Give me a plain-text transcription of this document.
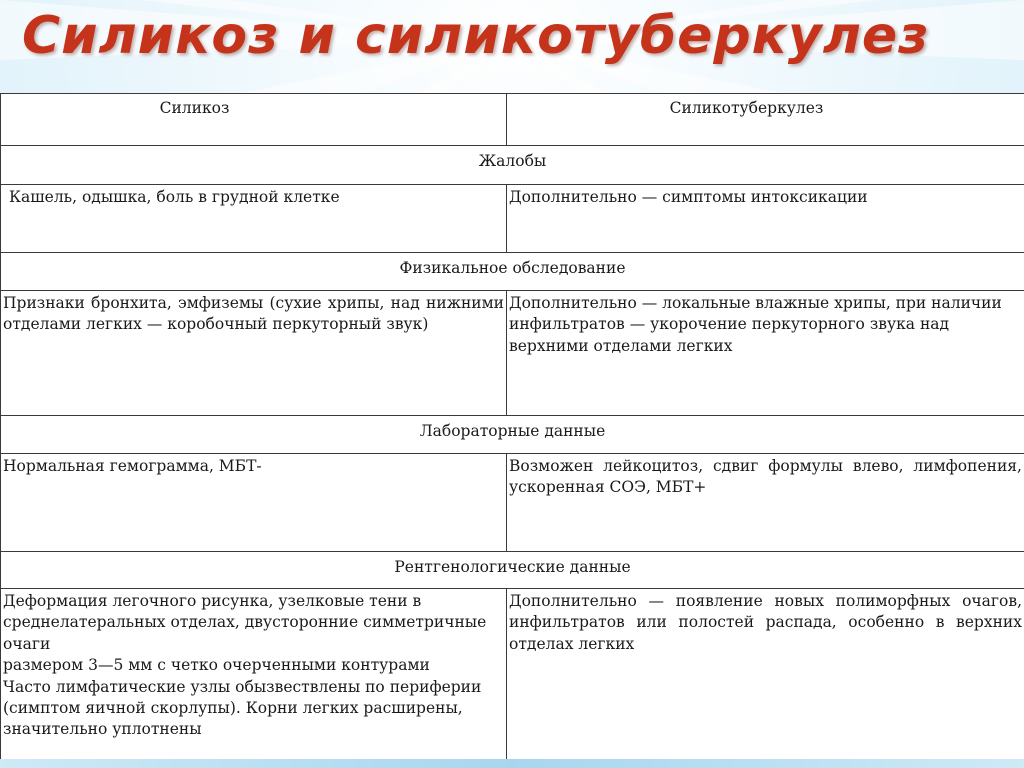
Силикоз и силикотуберкулез
Силикоз	Силикотуберкулез
Жалобы	
Кашель, одышка, боль в грудной клетке	Дополнительно — симптомы интоксикации
Физикальное обследование	
Признаки бронхита, эмфиземы (сухие хрипы, над нижними отделами легких — коробочный перкуторный звук)	Дополнительно — локальные влажные хрипы, при наличии инфильтратов — укорочение перкуторного звука над верхними отделами легких
Лабораторные данные	
Нормальная гемограмма, МБТ-	Возможен лейкоцитоз, сдвиг формулы влево, лимфопения, ускоренная СОЭ, МБТ+
Рентгенологические данные	

Деформация легочного рисунка, узелковые тени в среднелатеральных отделах, двусторонние симметричные очаги
размером 3—5 мм с четко очерченными контурами
Часто лимфатические узлы обызвествлены по периферии (симптом яичной скорлупы). Корни легких расширены, значительно уплотнены	Дополнительно — появление новых полиморфных очагов, инфильтратов или полостей распада, особенно в верхних отделах легких
